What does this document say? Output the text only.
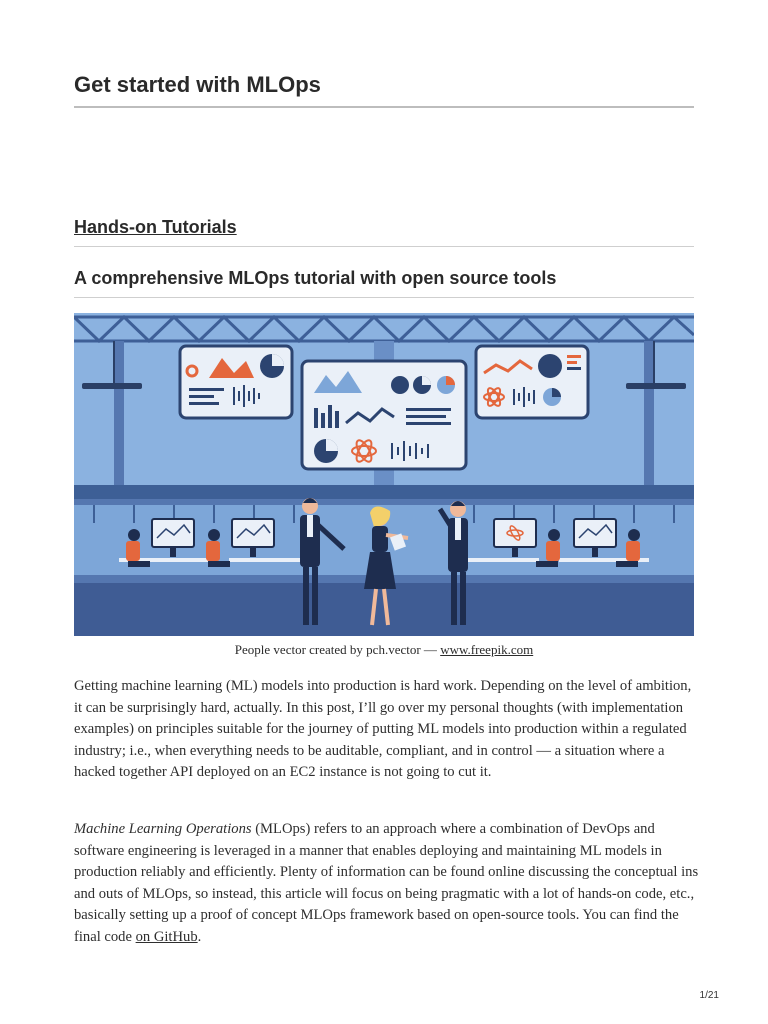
Get started with MLOps
Hands-on Tutorials
A comprehensive MLOps tutorial with open source tools
People vector created by pch.vector — www.freepik.com

Getting machine learning (ML) models into production is hard work. Depending on the level of ambition, it can be surprisingly hard, actually. In this post, I’ll go over my personal thoughts (with implementation examples) on principles suitable for the journey of putting ML models into production within a regulated industry; i.e., when everything needs to be auditable, compliant, and in control — a situation where a hacked together API deployed on an EC2 instance is not going to cut it.

Machine Learning Operations (MLOps) refers to an approach where a combination of DevOps and software engineering is leveraged in a manner that enables deploying and maintaining ML models in production reliably and efficiently. Plenty of information can be found online discussing the conceptual ins and outs of MLOps, so instead, this article will focus on being pragmatic with a lot of hands-on code, etc., basically setting up a proof of concept MLOps framework based on open-source tools. You can find the final code on GitHub.

1/21
